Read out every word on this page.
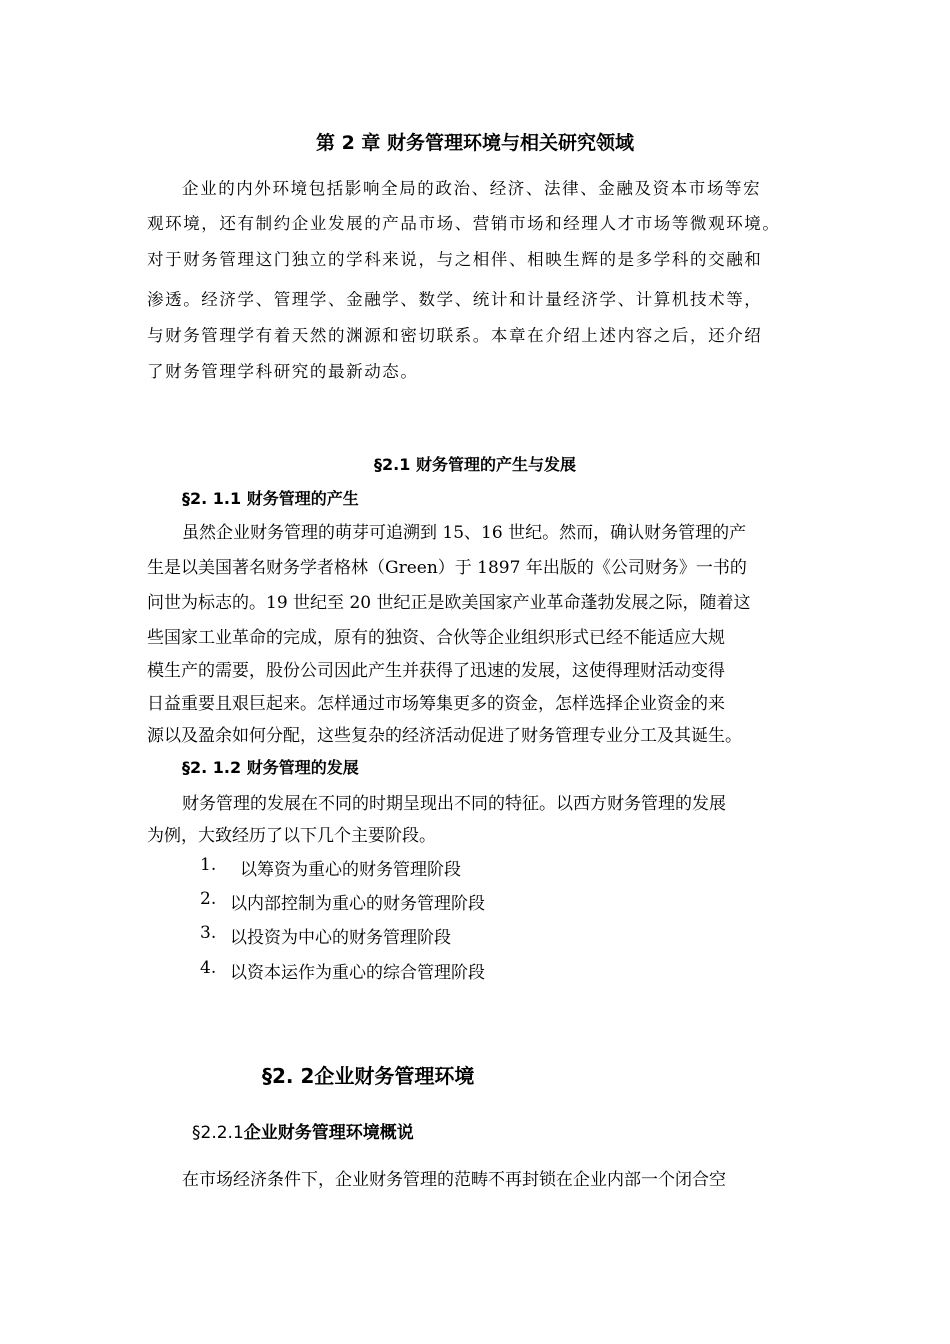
第 2 章 财务管理环境与相关研究领域
企业的内外环境包括影响全局的政治、经济、法律、金融及资本市场等宏
观环境，还有制约企业发展的产品市场、营销市场和经理人才市场等微观环境。
对于财务管理这门独立的学科来说，与之相伴、相映生辉的是多学科的交融和
渗透。经济学、管理学、金融学、数学、统计和计量经济学、计算机技术等，
与财务管理学有着天然的渊源和密切联系。本章在介绍上述内容之后，还介绍
了财务管理学科研究的最新动态。
§2.1 财务管理的产生与发展
§2. 1.1 财务管理的产生
虽然企业财务管理的萌芽可追溯到 15、16 世纪。然而，确认财务管理的产
生是以美国著名财务学者格林（Green）于 1897 年出版的《公司财务》一书的
问世为标志的。19 世纪至 20 世纪正是欧美国家产业革命蓬勃发展之际，随着这
些国家工业革命的完成，原有的独资、合伙等企业组织形式已经不能适应大规
模生产的需要，股份公司因此产生并获得了迅速的发展，这使得理财活动变得
日益重要且艰巨起来。怎样通过市场筹集更多的资金，怎样选择企业资金的来
源以及盈余如何分配，这些复杂的经济活动促进了财务管理专业分工及其诞生。
§2. 1.2 财务管理的发展
财务管理的发展在不同的时期呈现出不同的特征。以西方财务管理的发展
为例，大致经历了以下几个主要阶段。
1. 以筹资为重心的财务管理阶段
2. 以内部控制为重心的财务管理阶段
3. 以投资为中心的财务管理阶段
4. 以资本运作为重心的综合管理阶段
§2. 2企业财务管理环境
§2.2.1企业财务管理环境概说
在市场经济条件下，企业财务管理的范畴不再封锁在企业内部一个闭合空
